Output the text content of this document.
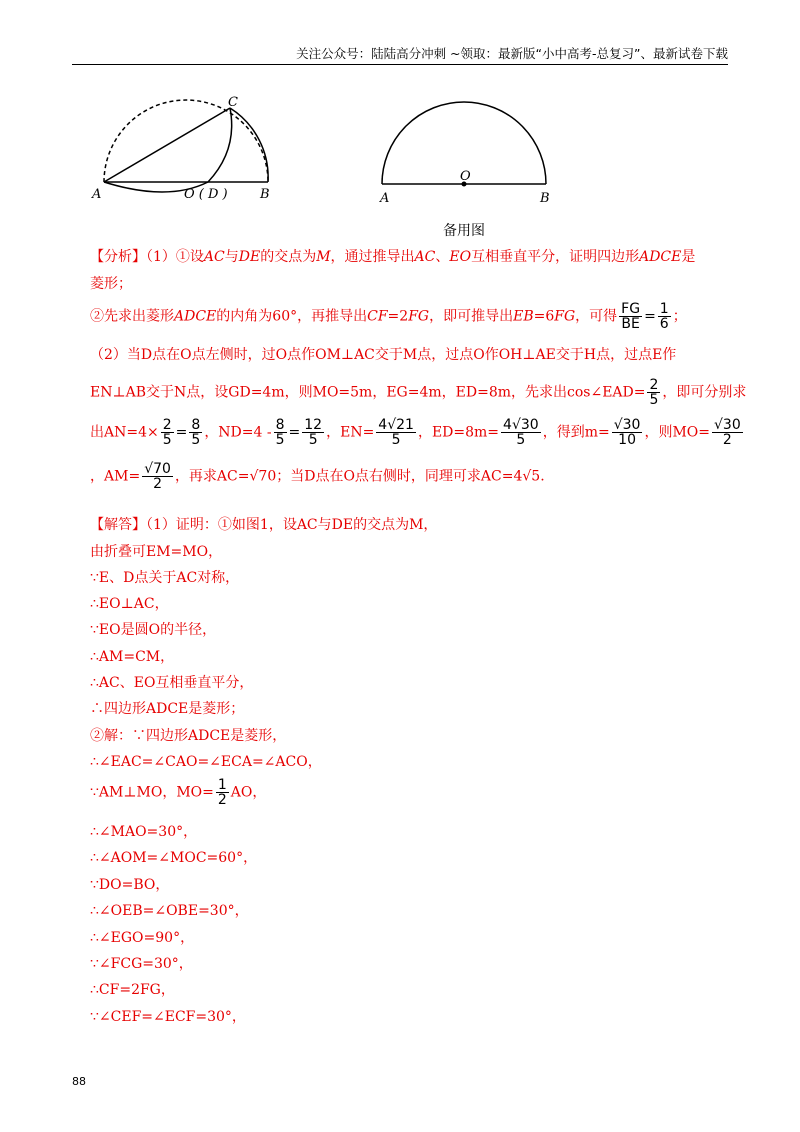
关注公众号：陆陆高分冲刺 ~领取：最新版“小中高考-总复习”、最新试卷下载
C
A	O ( D ) B	A
O
B
备用图
【分析】（1）①设AC与DE的交点为M，通过推导出AC、EO互相垂直平分，证明四边形ADCE是
菱形；
②先求出菱形ADCE的内角为60°，再推导出CF=2FG，即可推导出EB=6FG，可得 $\frac{FG}{BE} = \frac{1}{6}$ ；
（2）当D点在O点左侧时，过O点作OM⊥AC交于M点，过点O作OH⊥AE交于H点，过点E作
EN⊥AB交于N点，设GD=4m，则MO=5m，EG=4m，ED=8m，先求出cos∠EAD= $\frac{2}{5}$ ，即可分别求
出$AN=4\times \frac{2}{5} = \frac{8}{5}$ ，$ND=4 - \frac{8}{5} = \frac{12}{5}$ ，$EN= \frac{4√21}{5}$ ，$ED=8m= \frac{4√30}{5}$ ，得到$m= \frac{√30}{10}$ ，则$MO= \frac{√30}{2}$
，$AM= \frac{√70}{2}$ ，再求AC=√70；当D点在O点右侧时，同理可求AC=4√5.
【解答】（1）证明：①如图1，设AC与DE的交点为M，
由折叠可EM=MO，
∵E、D点关于AC对称，
∴EO⊥AC，
∵EO是圆O的半径，
∴AM=CM，
∴AC、EO互相垂直平分，
∴四边形ADCE是菱形；
②解：∵四边形ADCE是菱形，
∴∠EAC=∠CAO=∠ECA=∠ACO，
∵AM⊥MO，$MO= \frac{1}{2}$ AO，
∴∠MAO=30°，
∴∠AOM=∠MOC=60°，
∵DO=BO，
∴∠OEB=∠OBE=30°，
∴∠EGO=90°，
∵∠FCG=30°，
∴CF=2FG，
∵∠CEF=∠ECF=30°，
88
